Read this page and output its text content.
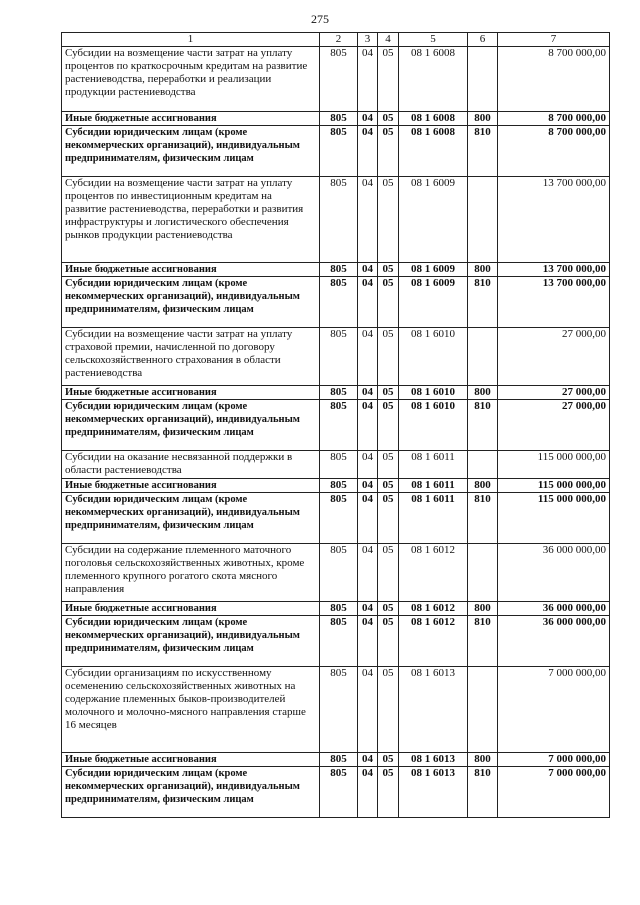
275
1	2	3	4	5	6	7
Субсидии на возмещение части затрат на уплату процентов по краткосрочным кредитам на развитие растениеводства, переработки и реализации продукции растениеводства	805	04	05	08 1 6008		8 700 000,00
Иные бюджетные ассигнования	805	04	05	08 1 6008	800	8 700 000,00
Субсидии юридическим лицам (кроме некоммерческих организаций), индивидуальным предпринимателям, физическим лицам	805	04	05	08 1 6008	810	8 700 000,00
Субсидии на возмещение части затрат на уплату процентов по инвестиционным кредитам на развитие растениеводства, переработки и развития инфраструктуры и логистического обеспечения рынков продукции растениеводства	805	04	05	08 1 6009		13 700 000,00
Иные бюджетные ассигнования	805	04	05	08 1 6009	800	13 700 000,00
Субсидии юридическим лицам (кроме некоммерческих организаций), индивидуальным предпринимателям, физическим лицам	805	04	05	08 1 6009	810	13 700 000,00
Субсидии на возмещение части затрат на уплату страховой премии, начисленной по договору сельскохозяйственного страхования в области растениеводства	805	04	05	08 1 6010		27 000,00
Иные бюджетные ассигнования	805	04	05	08 1 6010	800	27 000,00
Субсидии юридическим лицам (кроме некоммерческих организаций), индивидуальным предпринимателям, физическим лицам	805	04	05	08 1 6010	810	27 000,00
Субсидии на оказание несвязанной поддержки в области растениеводства	805	04	05	08 1 6011		115 000 000,00
Иные бюджетные ассигнования	805	04	05	08 1 6011	800	115 000 000,00
Субсидии юридическим лицам (кроме некоммерческих организаций), индивидуальным предпринимателям, физическим лицам	805	04	05	08 1 6011	810	115 000 000,00
Субсидии на содержание племенного маточного поголовья сельскохозяйственных животных, кроме племенного крупного рогатого скота мясного направления	805	04	05	08 1 6012		36 000 000,00
Иные бюджетные ассигнования	805	04	05	08 1 6012	800	36 000 000,00
Субсидии юридическим лицам (кроме некоммерческих организаций), индивидуальным предпринимателям, физическим лицам	805	04	05	08 1 6012	810	36 000 000,00
Субсидии организациям по искусственному осеменению сельскохозяйственных животных на содержание племенных быков-производителей молочного и молочно-мясного направления старше 16 месяцев	805	04	05	08 1 6013		7 000 000,00
Иные бюджетные ассигнования	805	04	05	08 1 6013	800	7 000 000,00
Субсидии юридическим лицам (кроме некоммерческих организаций), индивидуальным предпринимателям, физическим лицам	805	04	05	08 1 6013	810	7 000 000,00
